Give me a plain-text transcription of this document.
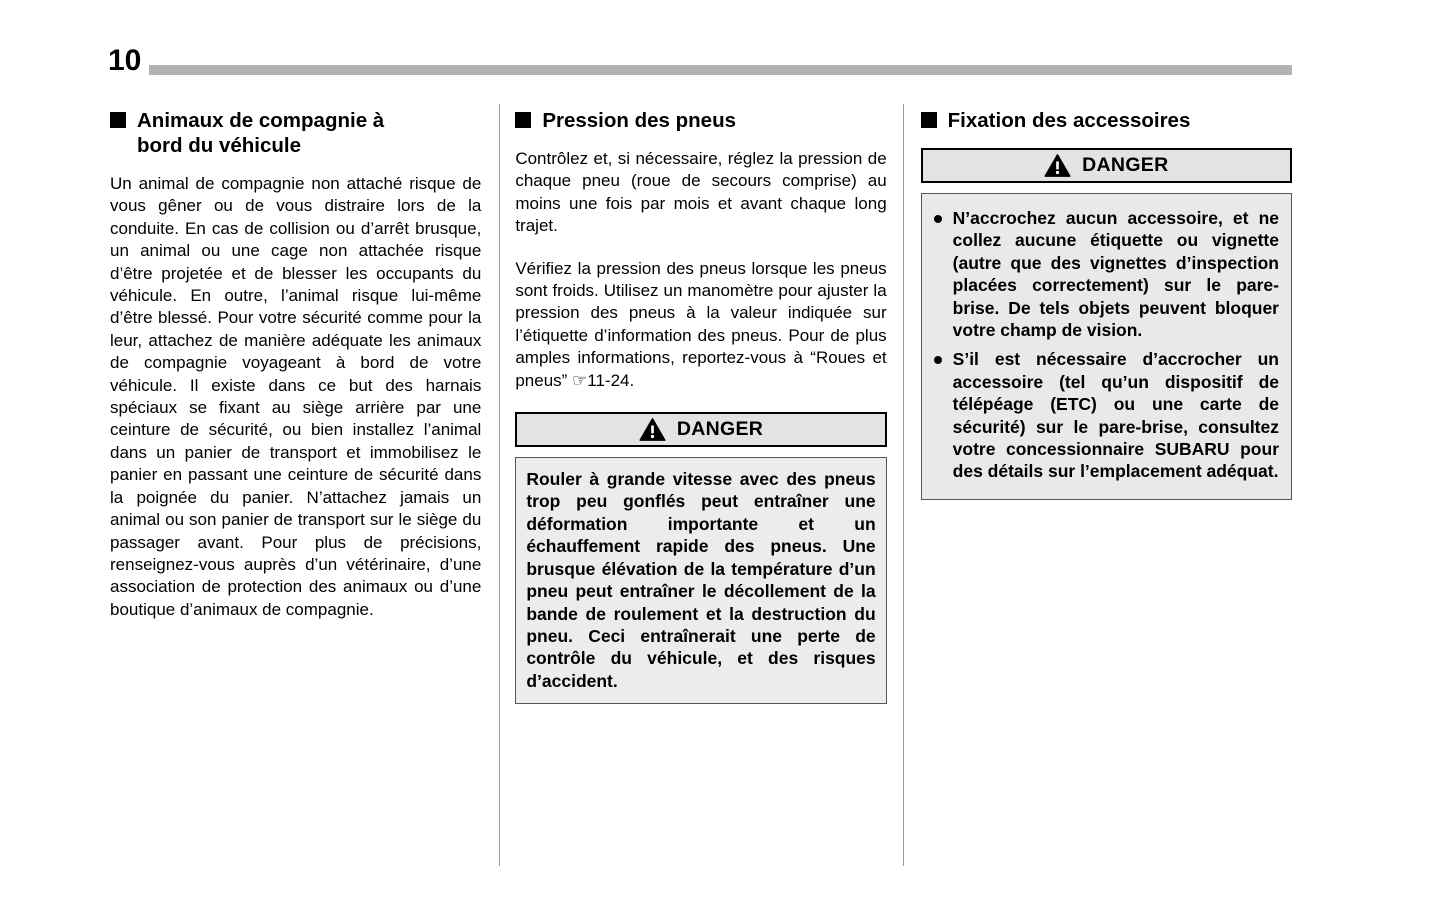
10
Animaux de compagnie à bord du véhicule

Un animal de compagnie non attaché risque de vous gêner ou de vous distraire lors de la conduite. En cas de collision ou d’arrêt brusque, un animal ou une cage non attachée risque d’être projetée et de blesser les occupants du véhicule. En outre, l’animal risque lui-même d’être blessé. Pour votre sécurité comme pour la leur, attachez de manière adéquate les animaux de compagnie voyageant à bord de votre véhicule. Il existe dans ce but des harnais spéciaux se fixant au siège arrière par une ceinture de sécurité, ou bien installez l’animal dans un panier de transport et immobilisez le panier en passant une ceinture de sécurité dans la poignée du panier. N’attachez jamais un animal ou son panier de transport sur le siège du passager avant. Pour plus de précisions, renseignez-vous auprès d’un vétérinaire, d’une association de protection des animaux ou d’une boutique d’animaux de compagnie.

Pression des pneus

Contrôlez et, si nécessaire, réglez la pression de chaque pneu (roue de secours comprise) au moins une fois par mois et avant chaque long trajet.

Vérifiez la pression des pneus lorsque les pneus sont froids. Utilisez un manomètre pour ajuster la pression des pneus à la valeur indiquée sur l’étiquette d’information des pneus. Pour de plus amples informations, reportez-vous à “Roues et pneus” ☞11-24.

DANGER
Rouler à grande vitesse avec des pneus trop peu gonflés peut entraîner une déformation importante et un échauffement rapide des pneus. Une brusque élévation de la température d’un pneu peut entraîner le décollement de la bande de roulement et la destruction du pneu. Ceci entraînerait une perte de contrôle du véhicule, et des risques d’accident.
Fixation des accessoires
DANGER
N’accrochez aucun accessoire, et ne collez aucune étiquette ou vignette (autre que des vignettes d’inspection placées correctement) sur le pare-brise. De tels objets peuvent bloquer votre champ de vision.
S’il est nécessaire d’accrocher un accessoire (tel qu’un dispositif de télépéage (ETC) ou une carte de sécurité) sur le pare-brise, consultez votre concessionnaire SUBARU pour des détails sur l’emplacement adéquat.
